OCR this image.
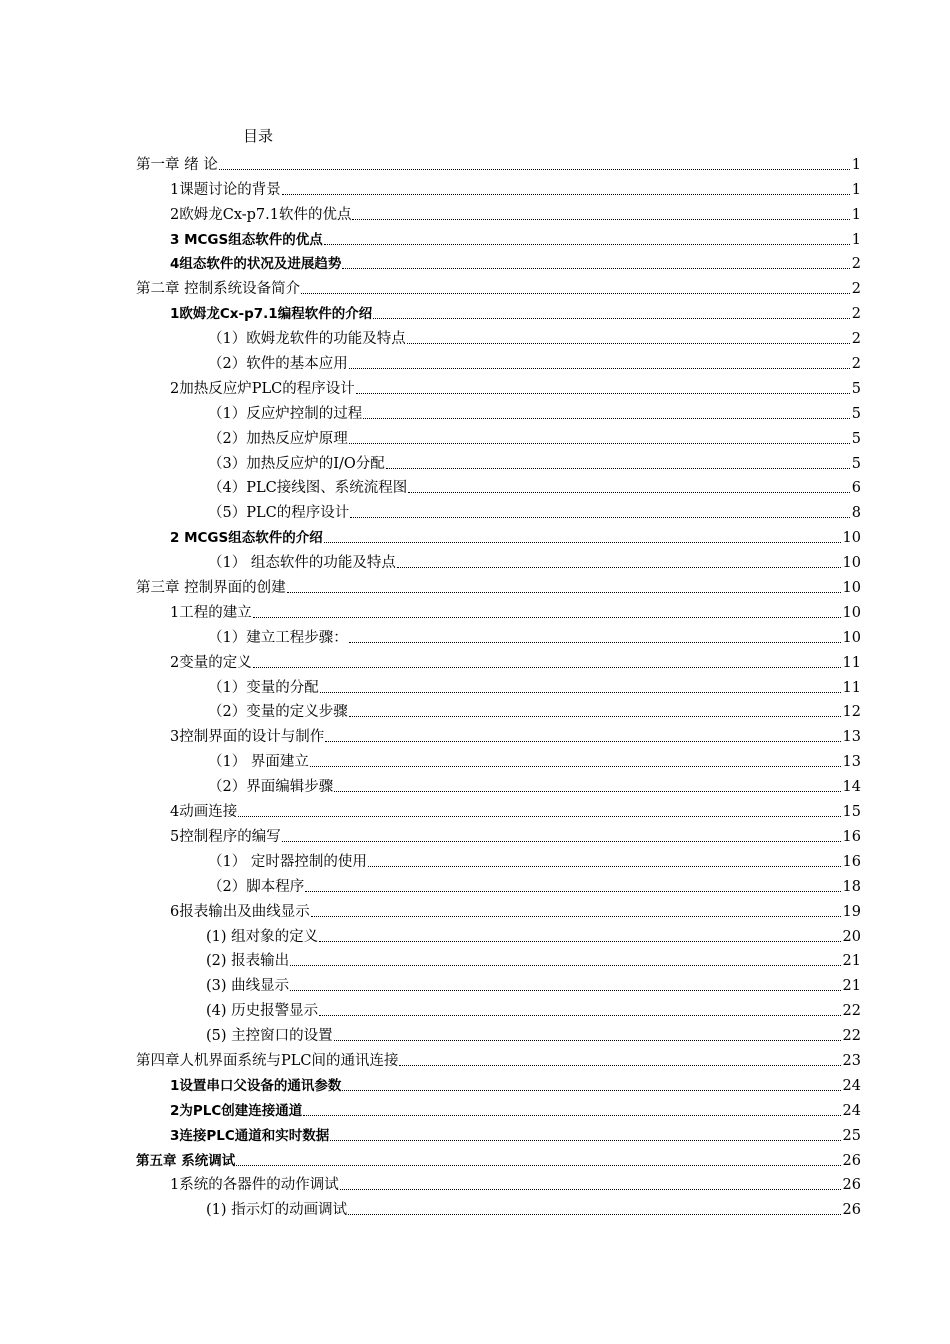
目录
第一章 绪 论	1
1课题讨论的背景	1
2欧姆龙Cx-p7.1软件的优点	1
3 MCGS组态软件的优点	1
4组态软件的状况及进展趋势	2
第二章 控制系统设备简介	2
1欧姆龙Cx-p7.1编程软件的介绍	2
（1）欧姆龙软件的功能及特点	2
（2）软件的基本应用	2
2加热反应炉PLC的程序设计	5
（1）反应炉控制的过程	5
（2）加热反应炉原理	5
（3）加热反应炉的I/O分配	5
（4）PLC接线图、系统流程图	6
（5）PLC的程序设计	8
2 MCGS组态软件的介绍	10
（1） 组态软件的功能及特点	10
第三章 控制界面的创建	10
1工程的建立	10
（1）建立工程步骤：	10
2变量的定义	11
（1）变量的分配	11
（2）变量的定义步骤	12
3控制界面的设计与制作	13
（1） 界面建立	13
（2）界面编辑步骤	14
4动画连接	15
5控制程序的编写	16
（1） 定时器控制的使用	16
（2）脚本程序	18
6报表输出及曲线显示	19
(1) 组对象的定义	20
(2) 报表输出	21
(3) 曲线显示	21
(4) 历史报警显示	22
(5) 主控窗口的设置	22
第四章人机界面系统与PLC间的通讯连接	23
1设置串口父设备的通讯参数	24
2为PLC创建连接通道	24
3连接PLC通道和实时数据	25
第五章 系统调试	26
1系统的各器件的动作调试	26
(1) 指示灯的动画调试	26
